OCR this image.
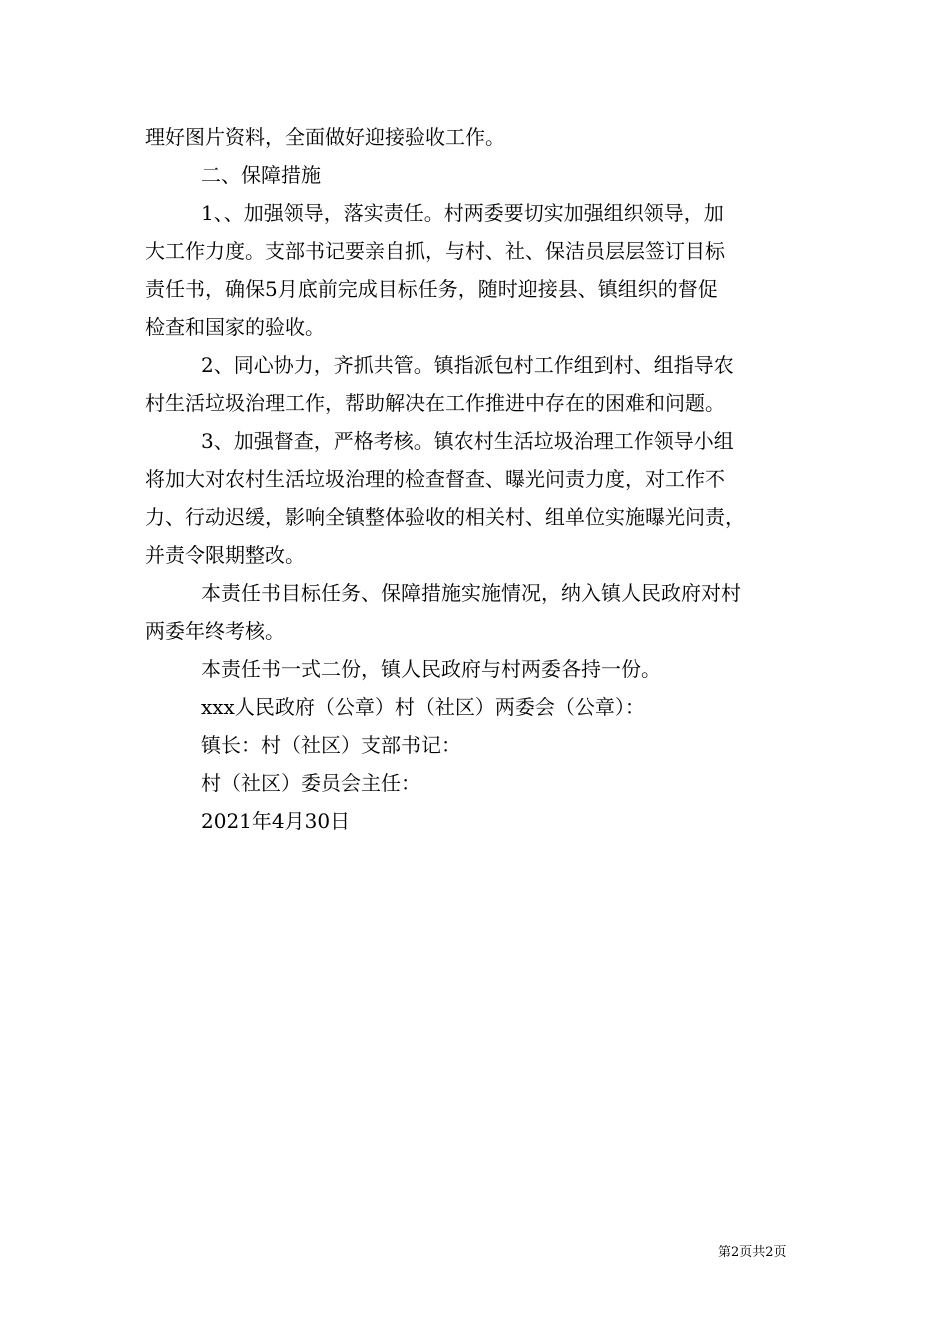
理好图片资料，全面做好迎接验收工作。
二、保障措施
1、、加强领导，落实责任。村两委要切实加强组织领导，加
大工作力度。支部书记要亲自抓，与村、社、保洁员层层签订目标
责任书，确保5月底前完成目标任务，随时迎接县、镇组织的督促
检查和国家的验收。
2、同心协力，齐抓共管。镇指派包村工作组到村、组指导农
村生活垃圾治理工作，帮助解决在工作推进中存在的困难和问题。
3、加强督查，严格考核。镇农村生活垃圾治理工作领导小组
将加大对农村生活垃圾治理的检查督查、曝光问责力度，对工作不
力、行动迟缓，影响全镇整体验收的相关村、组单位实施曝光问责，
并责令限期整改。
本责任书目标任务、保障措施实施情况，纳入镇人民政府对村
两委年终考核。
本责任书一式二份，镇人民政府与村两委各持一份。
xxx人民政府（公章）村（社区）两委会（公章）：
镇长：村（社区）支部书记：
村（社区）委员会主任：
2021年4月30日
第2页共2页
